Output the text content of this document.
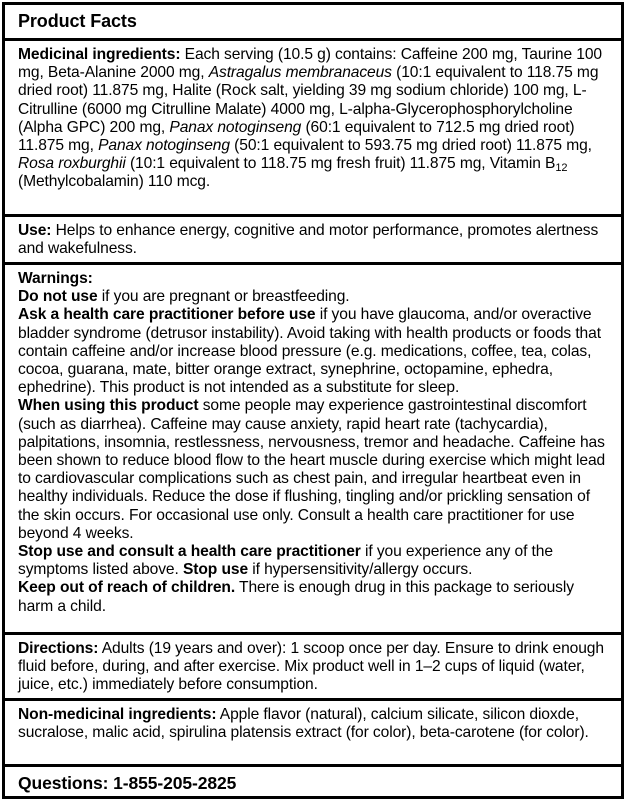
Product Facts
Medicinal ingredients: Each serving (10.5 g) contains: Caffeine 200 mg, Taurine 100 mg, Beta-Alanine 2000 mg, Astragalus membranaceus (10:1 equivalent to 118.75 mg dried root) 11.875 mg, Halite (Rock salt, yielding 39 mg sodium chloride) 100 mg, L-Citrulline (6000 mg Citrulline Malate) 4000 mg, L-alpha-Glycerophosphorylcholine (Alpha GPC) 200 mg, Panax notoginseng (60:1 equivalent to 712.5 mg dried root) 11.875 mg, Panax notoginseng (50:1 equivalent to 593.75 mg dried root) 11.875 mg, Rosa roxburghii (10:1 equivalent to 118.75 mg fresh fruit) 11.875 mg, Vitamin $B_{12}$ (Methylcobalamin) 110 mcg.
Use: Helps to enhance energy, cognitive and motor performance, promotes alertness and wakefulness.
Warnings:
Do not use if you are pregnant or breastfeeding.
Ask a health care practitioner before use if you have glaucoma, and/or overactive bladder syndrome (detrusor instability). Avoid taking with health products or foods that contain caffeine and/or increase blood pressure (e.g. medications, coffee, tea, colas, cocoa, guarana, mate, bitter orange extract, synephrine, octopamine, ephedra, ephedrine). This product is not intended as a substitute for sleep.
When using this product some people may experience gastrointestinal discomfort (such as diarrhea). Caffeine may cause anxiety, rapid heart rate (tachycardia), palpitations, insomnia, restlessness, nervousness, tremor and headache. Caffeine has been shown to reduce blood flow to the heart muscle during exercise which might lead to cardiovascular complications such as chest pain, and irregular heartbeat even in healthy individuals. Reduce the dose if flushing, tingling and/or prickling sensation of the skin occurs. For occasional use only. Consult a health care practitioner for use beyond 4 weeks.
Stop use and consult a health care practitioner if you experience any of the symptoms listed above. Stop use if hypersensitivity/allergy occurs.
Keep out of reach of children. There is enough drug in this package to seriously harm a child.
Directions: Adults (19 years and over): 1 scoop once per day. Ensure to drink enough fluid before, during, and after exercise. Mix product well in 1–2 cups of liquid (water, juice, etc.) immediately before consumption.
Non-medicinal ingredients: Apple flavor (natural), calcium silicate, silicon dioxde, sucralose, malic acid, spirulina platensis extract (for color), beta-carotene (for color).
Questions: 1-855-205-2825
